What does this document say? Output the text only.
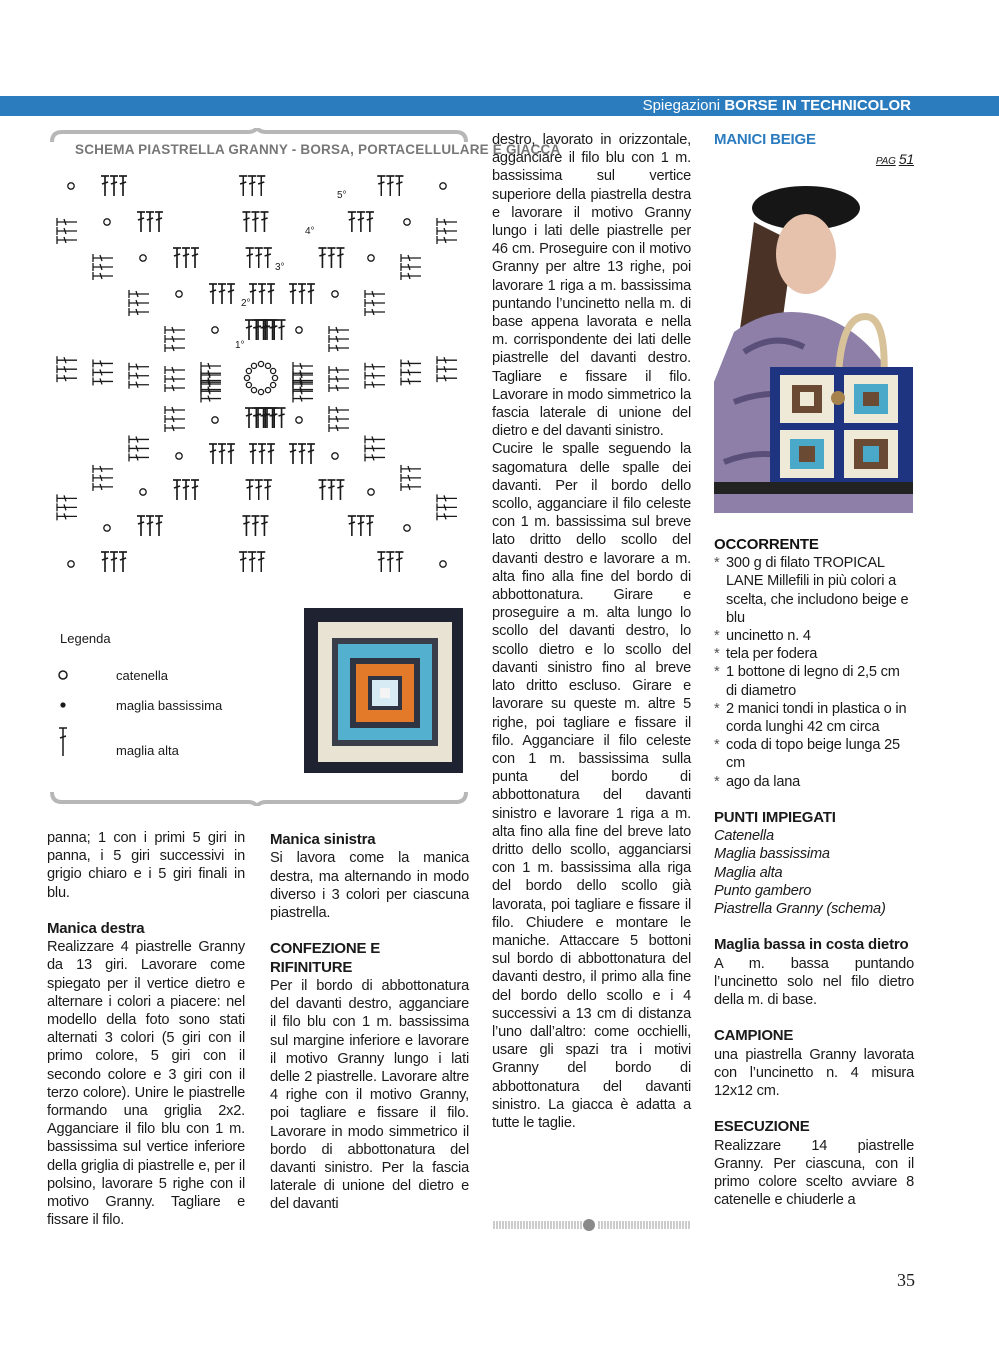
Spiegazioni BORSE IN TECHNICOLOR
SCHEMA PIASTRELLA GRANNY - BORSA, PORTACELLULARE E GIACCA
1°
2°
3°
4°
5°
Legenda
catenella
maglia bassissima
maglia alta

panna; 1 con i primi 5 giri in panna, i 5 giri successivi in grigio chiaro e i 5 giri finali in blu.

Manica destra

Realizzare 4 piastrelle Granny da 13 giri. Lavorare come spiegato per il vertice dietro e alternare i colori a piacere: nel modello della foto sono stati alternati 3 colori (5 giri con il primo colore, 5 giri con il secondo colore e 3 giri con il terzo colore). Unire le piastrelle formando una griglia 2x2. Agganciare il filo blu con 1 m. bassissima sul vertice inferiore della griglia di piastrelle e, per il polsino, lavorare 5 righe con il motivo Granny. Tagliare e fissare il filo.

Manica sinistra

Si lavora come la manica destra, ma alternando in modo diverso i 3 colori per ciascuna piastrella.

CONFEZIONE E RIFINITURE

Per il bordo di abbottonatura del davanti destro, agganciare il filo blu con 1 m. bassissima sul margine inferiore e lavorare il motivo Granny lungo i lati delle 2 piastrelle. Lavorare altre 4 righe con il motivo Granny, poi tagliare e fissare il filo. Lavorare in modo simmetrico il bordo di abbottonatura del davanti sinistro. Per la fascia laterale di unione del dietro e del davanti

destro, lavorato in orizzontale, agganciare il filo blu con 1 m. bassissima sul vertice superiore della piastrella destra e lavorare il motivo Granny lungo i lati delle piastrelle per 46 cm. Proseguire con il motivo Granny per altre 13 righe, poi lavorare 1 riga a m. bassissima puntando l’uncinetto nella m. di base appena lavorata e nella m. corrispondente dei lati delle piastrelle del davanti destro. Tagliare e fissare il filo. Lavorare in modo simmetrico la fascia laterale di unione del dietro e del davanti sinistro.

Cucire le spalle seguendo la sagomatura delle spalle dei davanti. Per il bordo dello scollo, agganciare il filo celeste con 1 m. bassissima sul breve lato dritto dello scollo del davanti destro e lavorare a m. alta fino alla fine del bordo di abbottonatura. Girare e proseguire a m. alta lungo lo scollo del davanti destro, lo scollo dietro e lo scollo del davanti sinistro fino al breve lato dritto escluso. Girare e lavorare su queste m. altre 5 righe, poi tagliare e fissare il filo. Agganciare il filo celeste con 1 m. bassissima sulla punta del bordo di abbottonatura del davanti sinistro e lavorare 1 riga a m. alta fino alla fine del breve lato dritto dello scollo, agganciarsi con 1 m. bassissima alla riga del bordo dello scollo già lavorata, poi tagliare e fissare il filo. Chiudere e montare le maniche. Attaccare 5 bottoni sul bordo di abbottonatura del davanti destro, il primo alla fine del bordo dello scollo e i 4 successivi a 13 cm di distanza l’uno dall’altro: come occhielli, usare gli spazi tra i motivi Granny del bordo di abbottonatura del davanti sinistro. La giacca è adatta a tutte le taglie.

MANICI BEIGE
PAG 51
OCCORRENTE
* 300 g di filato TROPICAL LANE Millefili in più colori a scelta, che includono beige e blu
* uncinetto n. 4
* tela per fodera
* 1 bottone di legno di 2,5 cm di diametro
* 2 manici tondi in plastica o in corda lunghi 42 cm circa
* coda di topo beige lunga 25 cm
* ago da lana
PUNTI IMPIEGATI
Catenella
Maglia bassissima
Maglia alta
Punto gambero
Piastrella Granny (schema)
Maglia bassa in costa dietro

A m. bassa puntando l’uncinetto solo nel filo dietro della m. di base.

CAMPIONE

una piastrella Granny lavorata con l’uncinetto n. 4 misura 12x12 cm.

ESECUZIONE

Realizzare 14 piastrelle Granny. Per ciascuna, con il primo colore scelto avviare 8 catenelle e chiuderle a

35
